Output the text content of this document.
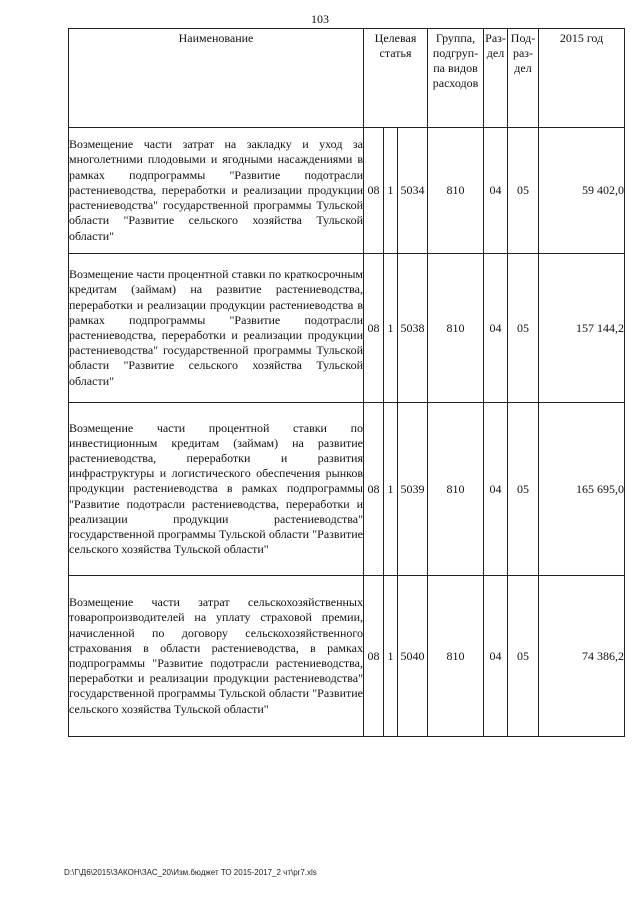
103
Наименование	Целевая статья			Группа, подгруп-па видов расходов	Раз-дел	Под-раз-дел	2015 год
Возмещение части затрат на закладку и уход за многолетними плодовыми и ягодными насаждениями в рамках подпрограммы "Развитие подотрасли растениеводства, переработки и реализации продукции растениеводства" государственной программы Тульской области "Развитие сельского хозяйства Тульской области"	08	1	5034	810	04	05	59 402,0
Возмещение части процентной ставки по краткосрочным кредитам (займам) на развитие растениеводства, переработки и реализации продукции растениеводства в рамках подпрограммы "Развитие подотрасли растениеводства, переработки и реализации продукции растениеводства" государственной программы Тульской области "Развитие сельского хозяйства Тульской области"	08	1	5038	810	04	05	157 144,2
Возмещение части процентной ставки по инвестиционным кредитам (займам) на развитие растениеводства, переработки и развития инфраструктуры и логистического обеспечения рынков продукции растениеводства в рамках подпрограммы "Развитие подотрасли растениеводства, переработки и реализации продукции растениеводства" государственной программы Тульской области "Развитие сельского хозяйства Тульской области"	08	1	5039	810	04	05	165 695,0
Возмещение части затрат сельскохозяйственных товаропроизводителей на уплату страховой премии, начисленной по договору сельскохозяйственного страхования в области растениеводства, в рамках подпрограммы "Развитие подотрасли растениеводства, переработки и реализации продукции растениеводства" государственной программы Тульской области "Развитие сельского хозяйства Тульской области"	08	1	5040	810	04	05	74 386,2
D:\Г\Д6\2015\ЗАКОН\ЗАС_20\Изм.бюджет ТО 2015-2017_2 чт\pr7.xls
